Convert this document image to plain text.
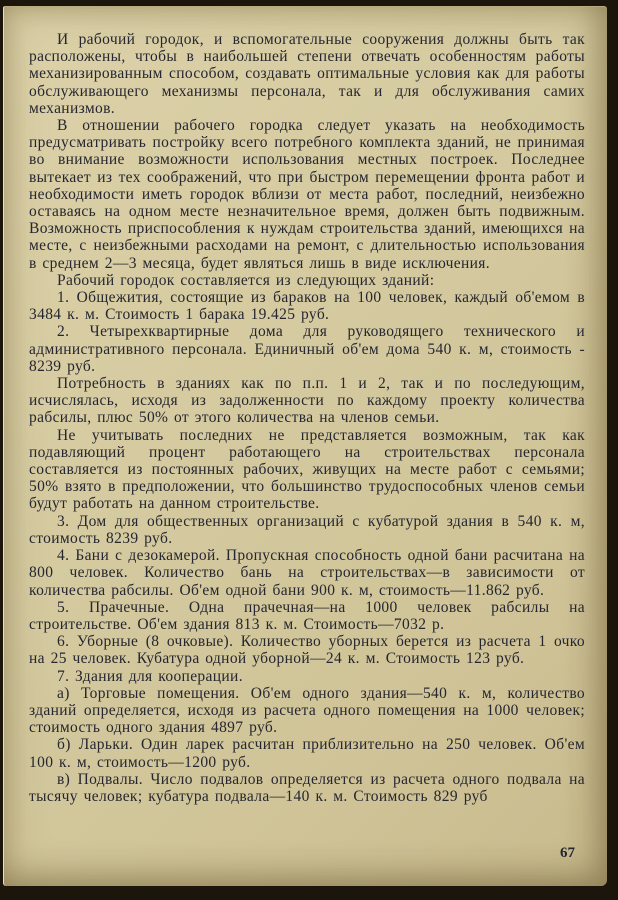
И рабочий городок, и вспомогательные сооружения должны быть так расположены, чтобы в наибольшей степени отвечать особенностям работы механизированным способом, создавать оптимальные условия как для работы обслуживающего механизмы персонала, так и для обслуживания самих механизмов.

В отношении рабочего городка следует указать на необходимость предусматривать постройку всего потребного комплекта зданий, не принимая во внимание возможности использования местных построек. Последнее вытекает из тех соображений, что при быстром перемещении фронта работ и необходимости иметь городок вблизи от места работ, последний, неизбежно оставаясь на одном месте незначительное время, должен быть подвижным. Возможность приспособления к нуждам строительства зданий, имеющихся на месте, с неизбежными расходами на ремонт, с длительностью использования в среднем 2—3 месяца, будет являться лишь в виде исключения.

Рабочий городок составляется из следующих зданий:

1. Общежития, состоящие из бараков на 100 человек, каждый об'емом в 3484 к. м. Стоимость 1 барака 19.425 руб.

2. Четырехквартирные дома для руководящего технического и административного персонала. Единичный об'ем дома 540 к. м, стоимость - 8239 руб.

Потребность в зданиях как по п.п. 1 и 2, так и по последующим, исчислялась, исходя из задолженности по каждому проекту количества рабсилы, плюс 50% от этого количества на членов семьи.

Не учитывать последних не представляется возможным, так как подавляющий процент работающего на строительствах персонала составляется из постоянных рабочих, живущих на месте работ с семьями; 50% взято в предположении, что большинство трудоспособных членов семьи будут работать на данном строительстве.

3. Дом для общественных организаций с кубатурой здания в 540 к. м, стоимость 8239 руб.

4. Бани с дезокамерой. Пропускная способность одной бани расчитана на 800 человек. Количество бань на строительствах—в зависимости от количества рабсилы. Об'ем одной бани 900 к. м, стоимость—11.862 руб.

5. Прачечные. Одна прачечная—на 1000 человек рабсилы на строительстве. Об'ем здания 813 к. м. Стоимость—7032 р.

6. Уборные (8 очковые). Количество уборных берется из расчета 1 очко на 25 человек. Кубатура одной уборной—24 к. м. Стоимость 123 руб.

7. Здания для кооперации.

а) Торговые помещения. Об'ем одного здания—540 к. м, количество зданий определяется, исходя из расчета одного помещения на 1000 человек; стоимость одного здания 4897 руб.

б) Ларьки. Один ларек расчитан приблизительно на 250 человек. Об'ем 100 к. м, стоимость—1200 руб.

в) Подвалы. Число подвалов определяется из расчета одного подвала на тысячу человек; кубатура подвала—140 к. м. Стоимость 829 руб

67
